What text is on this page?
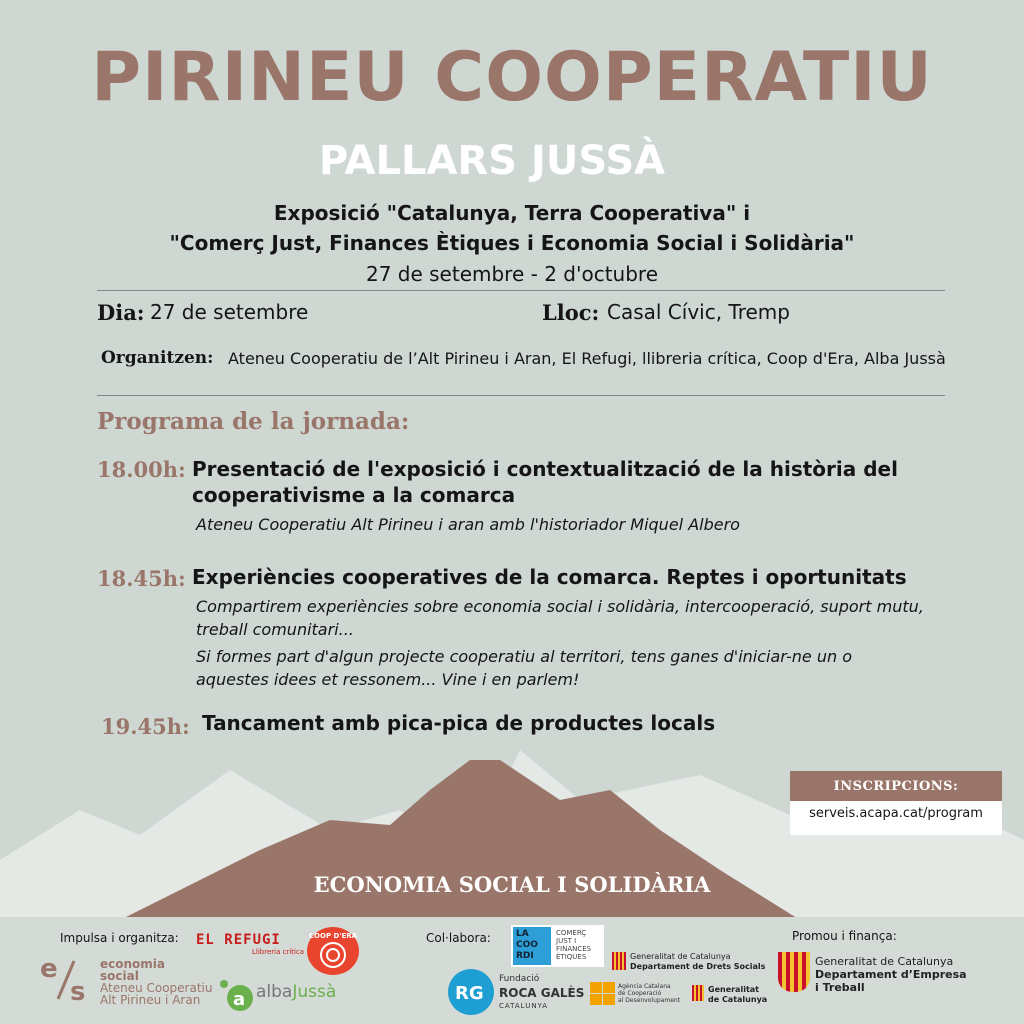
PIRINEU COOPERATIU
PALLARS JUSSÀ
Exposició "Catalunya, Terra Cooperativa" i
"Comerç Just, Finances Ètiques i Economia Social i Solidària"
27 de setembre - 2 d'octubre
Dia: 27 de setembre	Lloc: Casal Cívic, Tremp
Organitzen: Ateneu Cooperatiu de l’Alt Pirineu i Aran, El Refugi, llibreria crítica, Coop d'Era, Alba Jussà
Programa de la jornada:
18.00h: Presentació de l'exposició i contextualització de la història del cooperativisme a la comarca
Ateneu Cooperatiu Alt Pirineu i aran amb l'historiador Miquel Albero
18.45h: Experiències cooperatives de la comarca. Reptes i oportunitats
Compartirem experiències sobre economia social i solidària, intercooperació, suport mutu, treball comunitari...
Si formes part d'algun projecte cooperatiu al territori, tens ganes d'iniciar-ne un o aquestes idees et ressonem... Vine i en parlem!
19.45h: Tancament amb pica-pica de productes locals
INSCRIPCIONS:
serveis.acapa.cat/program
ECONOMIA SOCIAL I SOLIDÀRIA
Impulsa i organitza:	Col·labora:	Promou i finança:
e
s
economia
social
Ateneu Cooperatiu
Alt Pirineu i Aran
EL REFUGI
Llibreria crítica
COOP D'ERA
a albaJussà
LA
COO
RDI
COMERÇ
JUST I
FINANCES
ÈTIQUES
RG
Fundació
ROCA GALÈS
CATALUNYA
Generalitat de Catalunya
Departament de Drets Socials
Agència Catalana
de Cooperació
al Desenvolupament
Generalitat
de Catalunya
Generalitat de Catalunya
Departament d’Empresa
i Treball
